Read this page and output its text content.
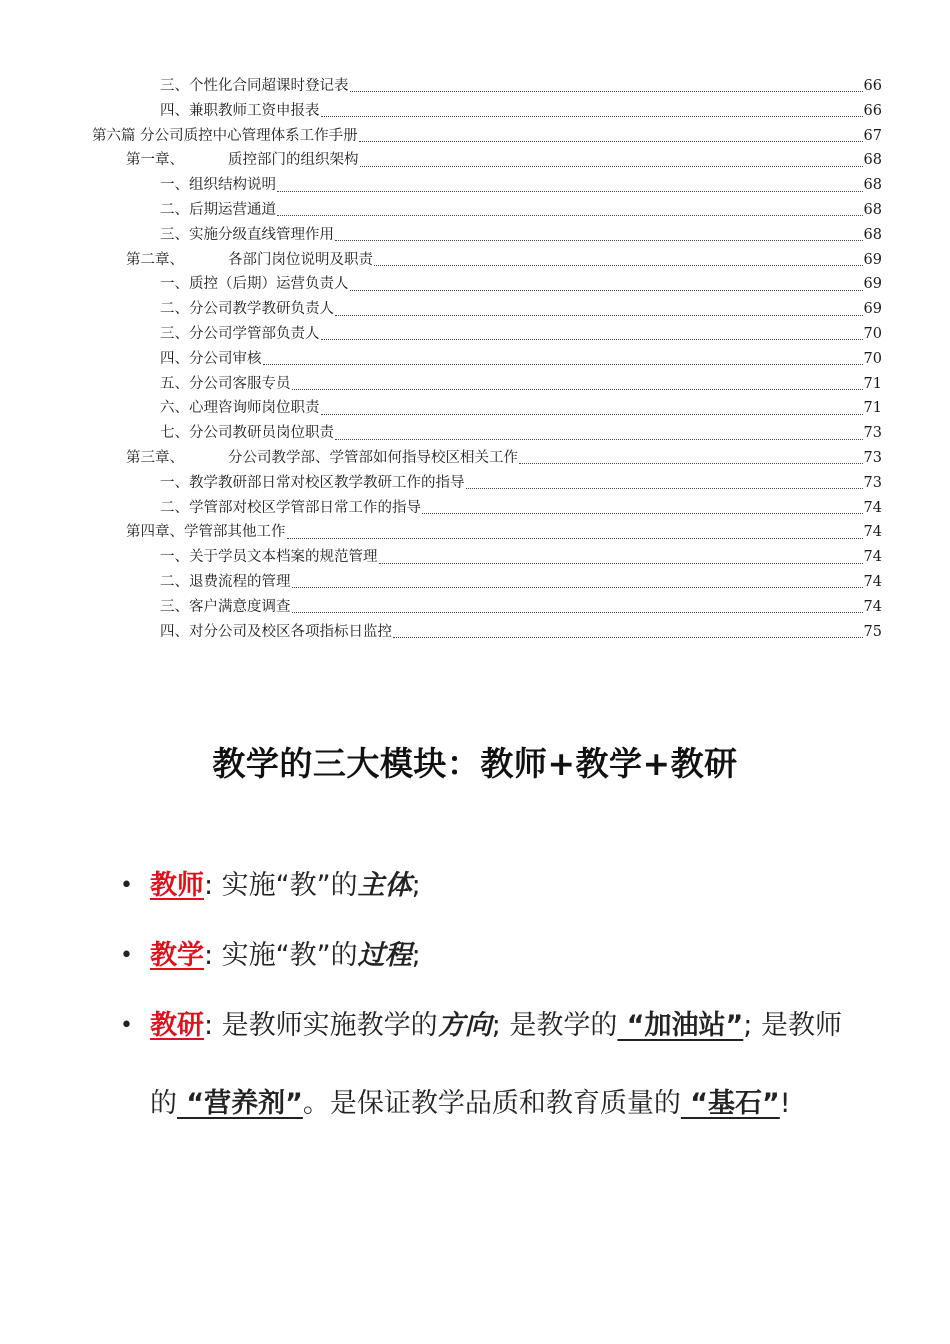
三、个性化合同超课时登记表	66
四、兼职教师工资申报表	66
第六篇 分公司质控中心管理体系工作手册	67
第一章、	质控部门的组织架构	68
一、组织结构说明	68
二、后期运营通道	68
三、实施分级直线管理作用	68
第二章、	各部门岗位说明及职责	69
一、质控（后期）运营负责人	69
二、分公司教学教研负责人	69
三、分公司学管部负责人	70
四、分公司审核	70
五、分公司客服专员	71
六、心理咨询师岗位职责	71
七、分公司教研员岗位职责	73
第三章、	分公司教学部、学管部如何指导校区相关工作	73
一、教学教研部日常对校区教学教研工作的指导	73
二、学管部对校区学管部日常工作的指导	74
第四章、学管部其他工作	74
一、关于学员文本档案的规范管理	74
二、退费流程的管理	74
三、客户满意度调查	74
四、对分公司及校区各项指标日监控	75
教学的三大模块：教师+教学+教研
• 教师: 实施“教”的主体;
• 教学: 实施“教”的过程;
• 教研: 是教师实施教学的方向; 是教学的 “加油站”; 是教师
的 “营养剂”。是保证教学品质和教育质量的 “基石”!
